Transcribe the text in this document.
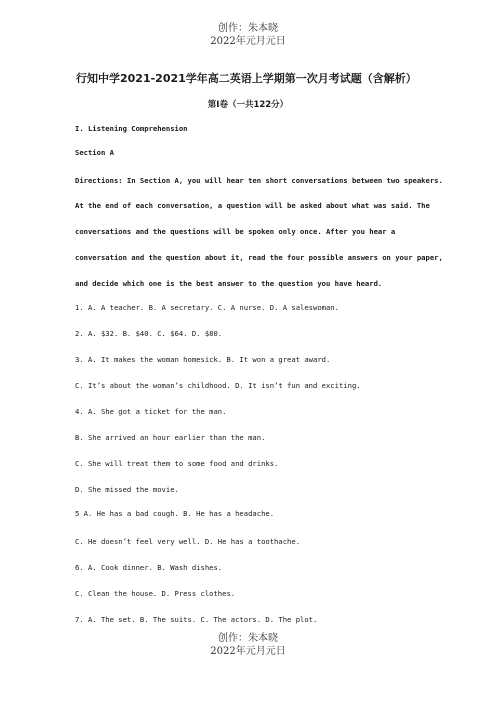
创作：朱本晓
2022年元月元日
行知中学2021-2021学年高二英语上学期第一次月考试题（含解析）
第I卷（一共122分）
I. Listening Comprehension
Section A
Directions: In Section A, you will hear ten short conversations between two speakers.
At the end of each conversation, a question will be asked about what was said. The
conversations and the questions will be spoken only once. After you hear a
conversation and the question about it, read the four possible answers on your paper,
and decide which one is the best answer to the question you have heard.
1. A. A teacher. B. A secretary. C. A nurse. D. A saleswoman.
2. A. $32. B. $40. C. $64. D. $80.
3. A. It makes the woman homesick. B. It won a great award.
C. It’s about the woman’s childhood. D. It isn’t fun and exciting.
4. A. She got a ticket for the man.
B. She arrived an hour earlier than the man.
C. She will treat them to some food and drinks.
D. She missed the movie.
5 A. He has a bad cough. B. He has a headache.
C. He doesn’t feel very well. D. He has a toothache.
6. A. Cook dinner. B. Wash dishes.
C. Clean the house. D. Press clothes.
7. A. The set. B. The suits. C. The actors. D. The plot.
创作：朱本晓
2022年元月元日
